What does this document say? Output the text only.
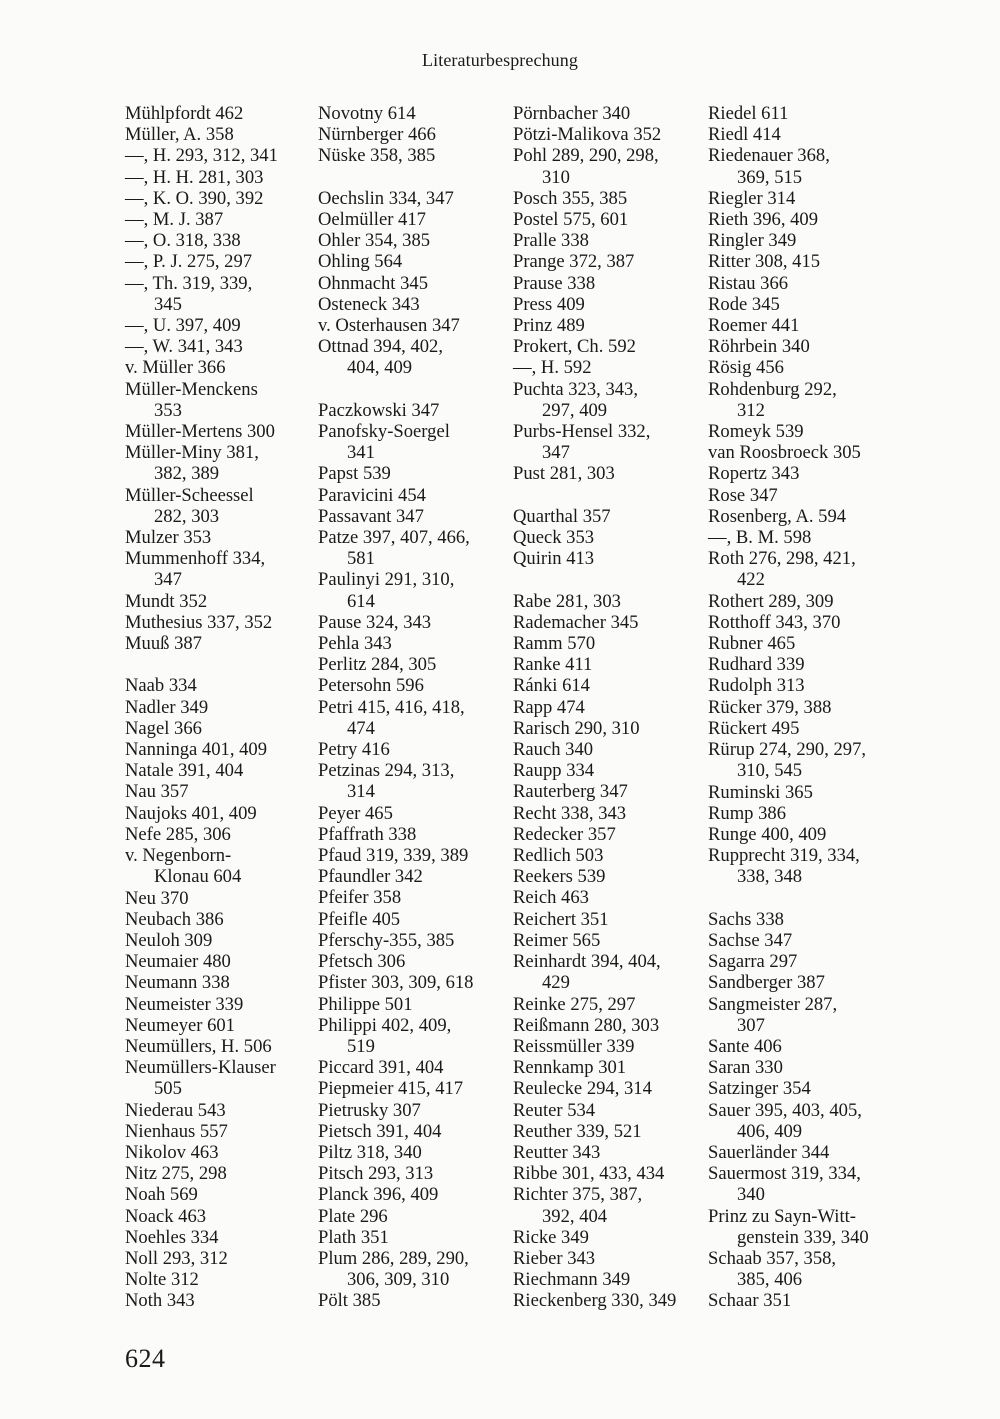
Literaturbesprechung
Mühlpfordt 462
Müller, A. 358
—, H. 293, 312, 341
—, H. H. 281, 303
—, K. O. 390, 392
—, M. J. 387
—, O. 318, 338
—, P. J. 275, 297
—, Th. 319, 339,
345
—, U. 397, 409
—, W. 341, 343
v. Müller 366
Müller-Menckens
353
Müller-Mertens 300
Müller-Miny 381,
382, 389
Müller-Scheessel
282, 303
Mulzer 353
Mummenhoff 334,
347
Mundt 352
Muthesius 337, 352
Muuß 387
Naab 334
Nadler 349
Nagel 366
Nanninga 401, 409
Natale 391, 404
Nau 357
Naujoks 401, 409
Nefe 285, 306
v. Negenborn-
Klonau 604
Neu 370
Neubach 386
Neuloh 309
Neumaier 480
Neumann 338
Neumeister 339
Neumeyer 601
Neumüllers, H. 506
Neumüllers-Klauser
505
Niederau 543
Nienhaus 557
Nikolov 463
Nitz 275, 298
Noah 569
Noack 463
Noehles 334
Noll 293, 312
Nolte 312
Noth 343
Novotny 614
Nürnberger 466
Nüske 358, 385
Oechslin 334, 347
Oelmüller 417
Ohler 354, 385
Ohling 564
Ohnmacht 345
Osteneck 343
v. Osterhausen 347
Ottnad 394, 402,
404, 409
Paczkowski 347
Panofsky-Soergel
341
Papst 539
Paravicini 454
Passavant 347
Patze 397, 407, 466,
581
Paulinyi 291, 310,
614
Pause 324, 343
Pehla 343
Perlitz 284, 305
Petersohn 596
Petri 415, 416, 418,
474
Petry 416
Petzinas 294, 313,
314
Peyer 465
Pfaffrath 338
Pfaud 319, 339, 389
Pfaundler 342
Pfeifer 358
Pfeifle 405
Pferschy-355, 385
Pfetsch 306
Pfister 303, 309, 618
Philippe 501
Philippi 402, 409,
519
Piccard 391, 404
Piepmeier 415, 417
Pietrusky 307
Pietsch 391, 404
Piltz 318, 340
Pitsch 293, 313
Planck 396, 409
Plate 296
Plath 351
Plum 286, 289, 290,
306, 309, 310
Pölt 385
Pörnbacher 340
Pötzi-Malikova 352
Pohl 289, 290, 298,
310
Posch 355, 385
Postel 575, 601
Pralle 338
Prange 372, 387
Prause 338
Press 409
Prinz 489
Prokert, Ch. 592
—, H. 592
Puchta 323, 343,
297, 409
Purbs-Hensel 332,
347
Pust 281, 303
Quarthal 357
Queck 353
Quirin 413
Rabe 281, 303
Rademacher 345
Ramm 570
Ranke 411
Ránki 614
Rapp 474
Rarisch 290, 310
Rauch 340
Raupp 334
Rauterberg 347
Recht 338, 343
Redecker 357
Redlich 503
Reekers 539
Reich 463
Reichert 351
Reimer 565
Reinhardt 394, 404,
429
Reinke 275, 297
Reißmann 280, 303
Reissmüller 339
Rennkamp 301
Reulecke 294, 314
Reuter 534
Reuther 339, 521
Reutter 343
Ribbe 301, 433, 434
Richter 375, 387,
392, 404
Ricke 349
Rieber 343
Riechmann 349
Rieckenberg 330, 349
Riedel 611
Riedl 414
Riedenauer 368,
369, 515
Riegler 314
Rieth 396, 409
Ringler 349
Ritter 308, 415
Ristau 366
Rode 345
Roemer 441
Röhrbein 340
Rösig 456
Rohdenburg 292,
312
Romeyk 539
van Roosbroeck 305
Ropertz 343
Rose 347
Rosenberg, A. 594
—, B. M. 598
Roth 276, 298, 421,
422
Rothert 289, 309
Rotthoff 343, 370
Rubner 465
Rudhard 339
Rudolph 313
Rücker 379, 388
Rückert 495
Rürup 274, 290, 297,
310, 545
Ruminski 365
Rump 386
Runge 400, 409
Rupprecht 319, 334,
338, 348
Sachs 338
Sachse 347
Sagarra 297
Sandberger 387
Sangmeister 287,
307
Sante 406
Saran 330
Satzinger 354
Sauer 395, 403, 405,
406, 409
Sauerländer 344
Sauermost 319, 334,
340
Prinz zu Sayn-Witt-
genstein 339, 340
Schaab 357, 358,
385, 406
Schaar 351
624
